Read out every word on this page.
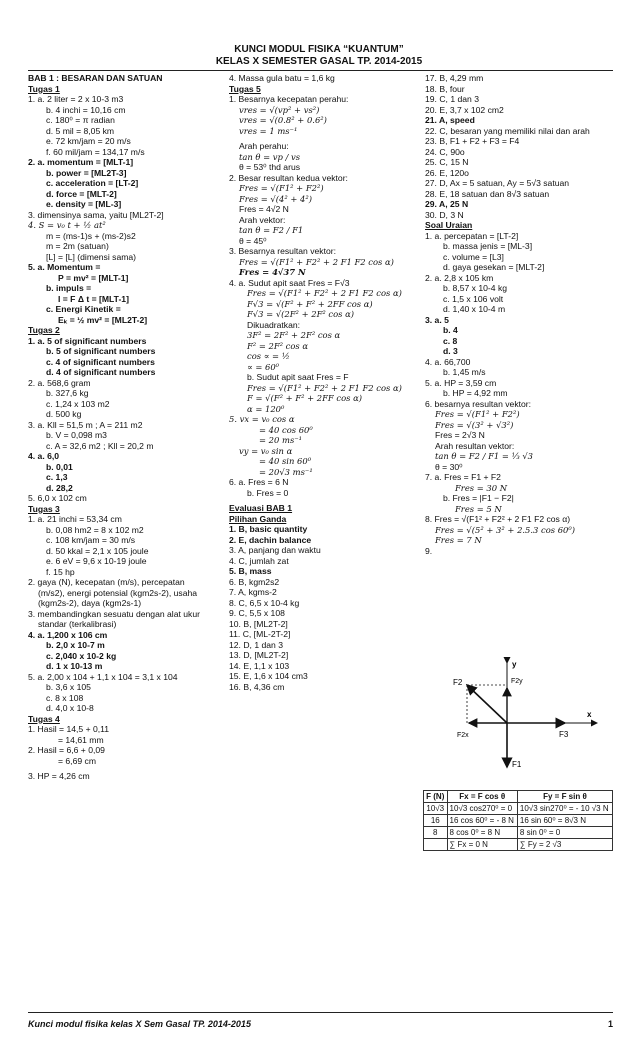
KUNCI MODUL FISIKA “KUANTUM”
KELAS X SEMESTER GASAL TP. 2014-2015
BAB 1 : BESARAN DAN SATUAN
Tugas 1
1. a. 2 liter = 2 x 10-3 m3
b. 4 inchi = 10,16 cm
c. 180⁰ = π radian
d. 5 mil = 8,05 km
e. 72 km/jam = 20 m/s
f. 60 mil/jam = 134,17 m/s
2. a. momentum = [MLT-1]
b. power = [ML2T-3]
c. acceleration = [LT-2]
d. force = [MLT-2]
e. density = [ML-3]
3. dimensinya sama, yaitu [ML2T-2]
4. S = v₀ t + ½ at²
m = (ms-1)s + (ms-2)s2
m = 2m (satuan)
[L] = [L] (dimensi sama)
5. a. Momentum =
P = mv² = [MLT-1]
b. impuls =
I = F Δ t = [MLT-1]
c. Energi Kinetik =
Eₖ = ½ mv² = [ML2T-2]
Tugas 2
1. a. 5 of significant numbers
b. 5 of significant numbers
c. 4 of significant numbers
d. 4 of significant numbers
2. a. 568,6 gram
b. 327,6 kg
c. 1,24 x 103 m2
d. 500 kg
3. a. Kll = 51,5 m ; A = 211 m2
b. V = 0,098 m3
c. A = 32,6 m2 ; Kll = 20,2 m
4. a. 6,0
b. 0,01
c. 1,3
d. 28,2
5. 6,0 x 102 cm
Tugas 3
1. a. 21 inchi = 53,34 cm
b. 0,08 hm2 = 8 x 102 m2
c. 108 km/jam = 30 m/s
d. 50 kkal = 2,1 x 105 joule
e. 6 eV = 9,6 x 10-19 joule
f. 15 hp
2. gaya (N), kecepatan (m/s), percepatan
(m/s2), energi potensial (kgm2s-2), usaha
(kgm2s-2), daya (kgm2s-1)
3. membandingkan sesuatu dengan alat ukur
standar (terkalibrasi)
4. a. 1,200 x 106 cm
b. 2,0 x 10-7 m
c. 2,040 x 10-2 kg
d. 1 x 10-13 m
5. a. 2,00 x 104 + 1,1 x 104 = 3,1 x 104
b. 3,6 x 105
c. 8 x 108
d. 4,0 x 10-8
Tugas 4
1. Hasil = 14,5 + 0,11
= 14,61 mm
2. Hasil = 6,6 + 0,09
= 6,69 cm
3. HP = 4,26 cm
4. Massa gula batu = 1,6 kg
Tugas 5
1. Besarnya kecepatan perahu:
vres = √(vp² + vs²)
vres = √(0.8² + 0.6²)
vres = 1 ms⁻¹
Arah perahu:
tan θ = vp / vs
θ = 53⁰ thd arus
2. Besar resultan kedua vektor:
Fres = √(F1² + F2²)
Fres = √(4² + 4²)
Fres = 4√2 N
Arah vektor:
tan θ = F2 / F1
θ = 45⁰
3. Besarnya resultan vektor:
Fres = √(F1² + F2² + 2 F1 F2 cos α)
Fres = 4√37 N
4. a. Sudut apit saat Fres = F√3
Fres = √(F1² + F2² + 2 F1 F2 cos α)
F√3 = √(F² + F² + 2FF cos α)
F√3 = √(2F² + 2F² cos α)
Dikuadratkan:
3F² = 2F² + 2F² cos α
F² = 2F² cos α
cos ∝ = ½
∝ = 60⁰
b. Sudut apit saat Fres = F
Fres = √(F1² + F2² + 2 F1 F2 cos α)
F = √(F² + F² + 2FF cos α)
α = 120⁰
5. vx = v₀ cos α
= 40 cos 60⁰
= 20 ms⁻¹
vy = v₀ sin α
= 40 sin 60⁰
= 20√3 ms⁻¹
6. a. Fres = 6 N
b. Fres = 0
Evaluasi BAB 1
Pilihan Ganda
1. B, basic quantity
2. E, dachin balance
3. A, panjang dan waktu
4. C, jumlah zat
5. B, mass
6. B, kgm2s2
7. A, kgms-2
8. C, 6,5 x 10-4 kg
9. C, 5,5 x 108
10. B, [ML2T-2]
11. C, [ML-2T-2]
12. D, 1 dan 3
13. D, [ML2T-2]
14. E, 1,1 x 103
15. E, 1,6 x 104 cm3
16. B, 4,36 cm
17. B, 4,29 mm
18. B, four
19. C, 1 dan 3
20. E, 3,7 x 102 cm2
21. A, speed
22. C, besaran yang memiliki nilai dan arah
23. B, F1 + F2 + F3 = F4
24. C, 90o
25. C, 15 N
26. E, 120o
27. D, Ax = 5 satuan, Ay = 5√3 satuan
28. E, 18 satuan dan 8√3 satuan
29. A, 25 N
30. D, 3 N
Soal Uraian
1. a. percepatan = [LT-2]
b. massa jenis = [ML-3]
c. volume = [L3]
d. gaya gesekan = [MLT-2]
2. a. 2,8 x 105 km
b. 8,57 x 10-4 kg
c. 1,5 x 106 volt
d. 1,40 x 10-4 m
3. a. 5
b. 4
c. 8
d. 3
4. a. 66,700
b. 1,45 m/s
5. a. HP = 3,59 cm
b. HP = 4,92 mm
6. besarnya resultan vektor:
Fres = √(F1² + F2²)
Fres = √(3² + √3²)
Fres = 2√3 N
Arah resultan vektor:
tan θ = F2 / F1 = ⅓ √3
θ = 30⁰
7. a. Fres = F1 + F2
Fres = 30 N
b. Fres = |F1 − F2|
Fres = 5 N
8. Fres = √(F1² + F2² + 2 F1 F2 cos α)
Fres = √(5² + 3² + 2.5.3 cos 60⁰)
Fres = 7 N
9.
y
F2	F2y
x
F2x	F3
F1
F (N)	Fx = F cos θ	Fy = F sin θ
10√3	10√3 cos270⁰ = 0	10√3 sin270⁰ = - 10 √3 N
16	16 cos 60⁰ = - 8 N	16 sin 60⁰ = 8√3 N
8	8 cos 0⁰ = 8 N	8 sin 0⁰ = 0
	∑ Fx = 0 N	∑ Fy = 2 √3
Kunci modul fisika kelas X Sem Gasal TP. 2014-2015	1
